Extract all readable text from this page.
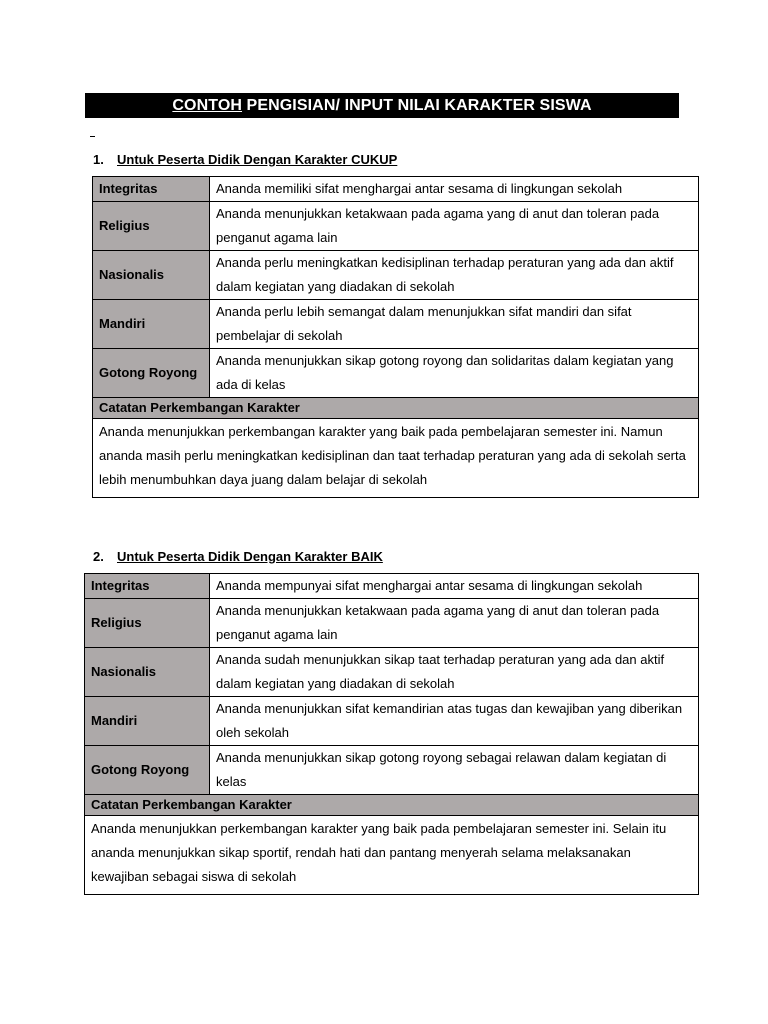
CONTOH PENGISIAN/ INPUT NILAI KARAKTER SISWA
1. Untuk Peserta Didik Dengan Karakter CUKUP
Integritas	Ananda memiliki sifat menghargai antar sesama di lingkungan sekolah
Religius	Ananda menunjukkan ketakwaan pada agama yang di anut dan toleran pada penganut agama lain
Nasionalis	Ananda perlu meningkatkan kedisiplinan terhadap peraturan yang ada dan aktif dalam kegiatan yang diadakan di sekolah
Mandiri	Ananda perlu lebih semangat dalam menunjukkan sifat mandiri dan sifat pembelajar di sekolah
Gotong Royong	Ananda menunjukkan sikap gotong royong dan solidaritas dalam kegiatan yang ada di kelas
Catatan Perkembangan Karakter	
Ananda menunjukkan perkembangan karakter yang baik pada pembelajaran semester ini. Namun ananda masih perlu meningkatkan kedisiplinan dan taat terhadap peraturan yang ada di sekolah serta lebih menumbuhkan daya juang dalam belajar di sekolah	
2. Untuk Peserta Didik Dengan Karakter BAIK
Integritas	Ananda mempunyai sifat menghargai antar sesama di lingkungan sekolah
Religius	Ananda menunjukkan ketakwaan pada agama yang di anut dan toleran pada penganut agama lain
Nasionalis	Ananda sudah menunjukkan sikap taat terhadap peraturan yang ada dan aktif dalam kegiatan yang diadakan di sekolah
Mandiri	Ananda menunjukkan sifat kemandirian atas tugas dan kewajiban yang diberikan oleh sekolah
Gotong Royong	Ananda menunjukkan sikap gotong royong sebagai relawan dalam kegiatan di kelas
Catatan Perkembangan Karakter	
Ananda menunjukkan perkembangan karakter yang baik pada pembelajaran semester ini. Selain itu ananda menunjukkan sikap sportif, rendah hati dan pantang menyerah selama melaksanakan kewajiban sebagai siswa di sekolah	
